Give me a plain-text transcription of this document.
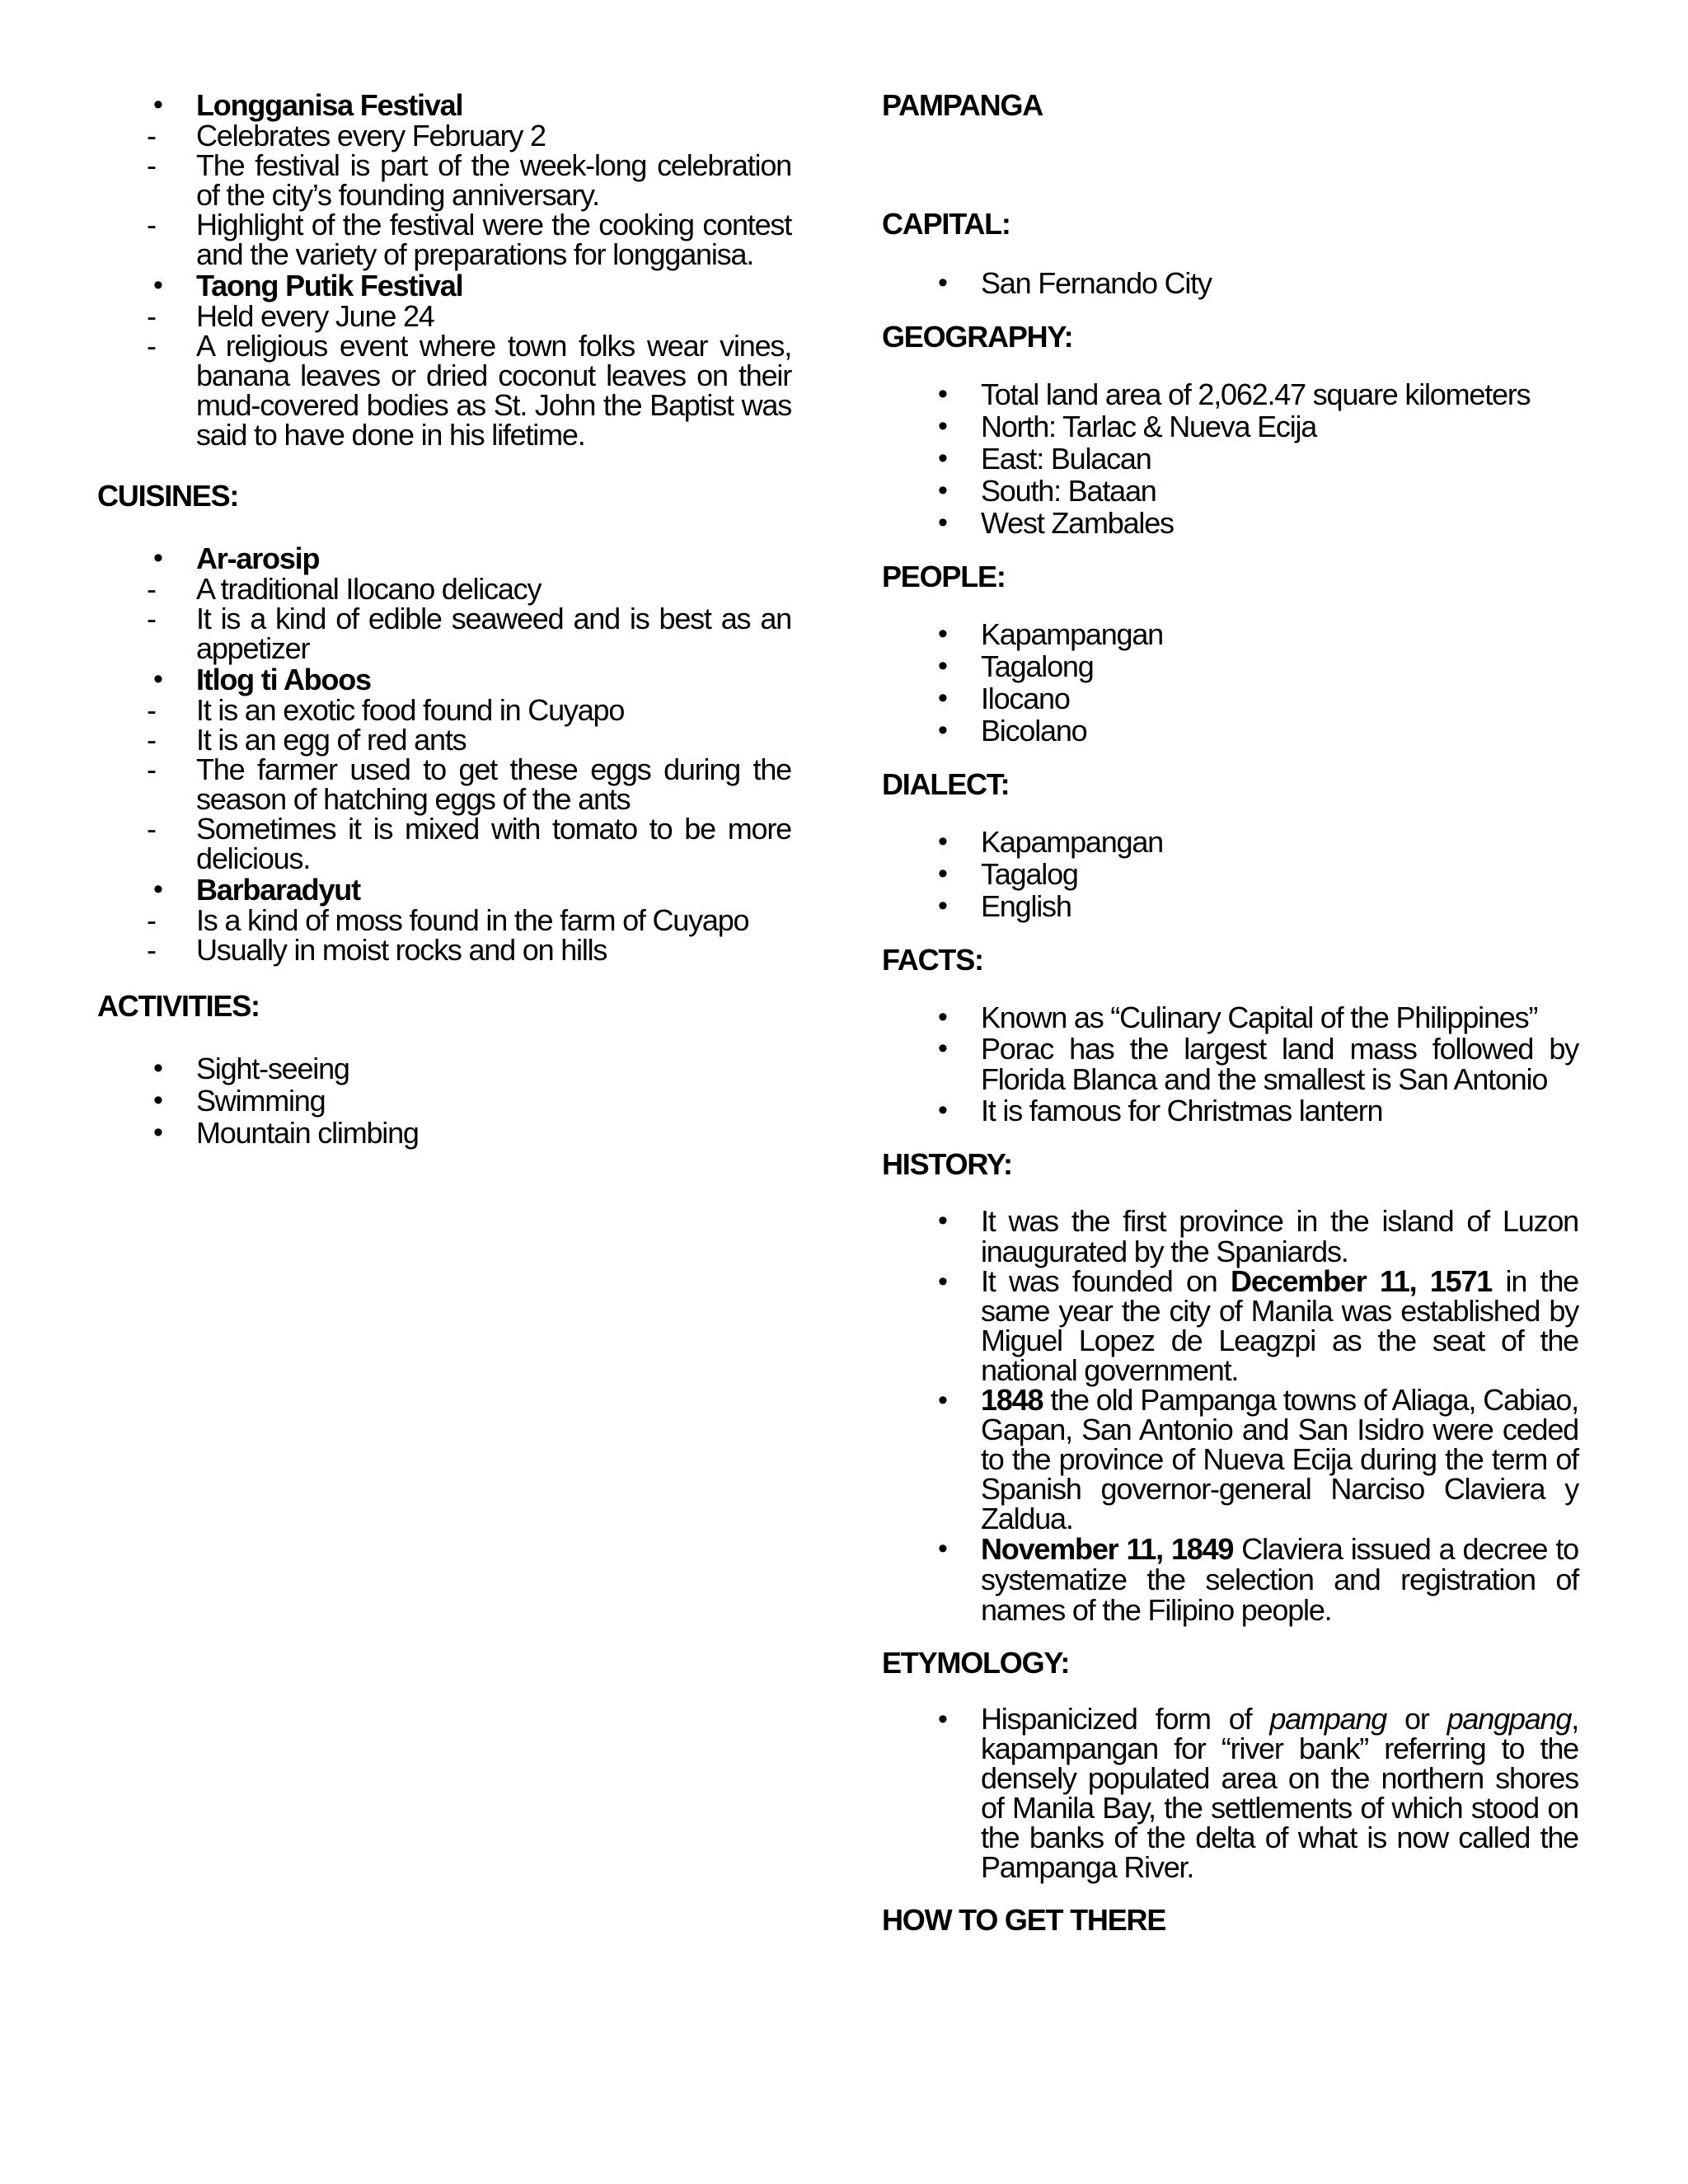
• Longganisa Festival
- Celebrates every February 2
- The festival is part of the week-long celebration of the city’s founding anniversary.
- Highlight of the festival were the cooking contest and the variety of preparations for longganisa.
• Taong Putik Festival
- Held every June 24
- A religious event where town folks wear vines, banana leaves or dried coconut leaves on their mud-covered bodies as St. John the Baptist was said to have done in his lifetime.
CUISINES:
• Ar-arosip
- A traditional Ilocano delicacy
- It is a kind of edible seaweed and is best as an appetizer
• Itlog ti Aboos
- It is an exotic food found in Cuyapo
- It is an egg of red ants
- The farmer used to get these eggs during the season of hatching eggs of the ants
- Sometimes it is mixed with tomato to be more delicious.
• Barbaradyut
- Is a kind of moss found in the farm of Cuyapo
- Usually in moist rocks and on hills
ACTIVITIES:
• Sight-seeing
• Swimming
• Mountain climbing
PAMPANGA
CAPITAL:
• San Fernando City
GEOGRAPHY:
• Total land area of 2,062.47 square kilometers
• North: Tarlac & Nueva Ecija
• East: Bulacan
• South: Bataan
• West Zambales
PEOPLE:
• Kapampangan
• Tagalong
• Ilocano
• Bicolano
DIALECT:
• Kapampangan
• Tagalog
• English
FACTS:
• Known as “Culinary Capital of the Philippines”
• Porac has the largest land mass followed by Florida Blanca and the smallest is San Antonio
• It is famous for Christmas lantern
HISTORY:
• It was the first province in the island of Luzon inaugurated by the Spaniards.
• It was founded on December 11, 1571 in the same year the city of Manila was established by Miguel Lopez de Leagzpi as the seat of the national government.
• 1848 the old Pampanga towns of Aliaga, Cabiao, Gapan, San Antonio and San Isidro were ceded to the province of Nueva Ecija during the term of Spanish governor-general Narciso Claviera y Zaldua.
• November 11, 1849 Claviera issued a decree to systematize the selection and registration of names of the Filipino people.
ETYMOLOGY:
• Hispanicized form of pampang or pangpang, kapampangan for “river bank” referring to the densely populated area on the northern shores of Manila Bay, the settlements of which stood on the banks of the delta of what is now called the Pampanga River.
HOW TO GET THERE
